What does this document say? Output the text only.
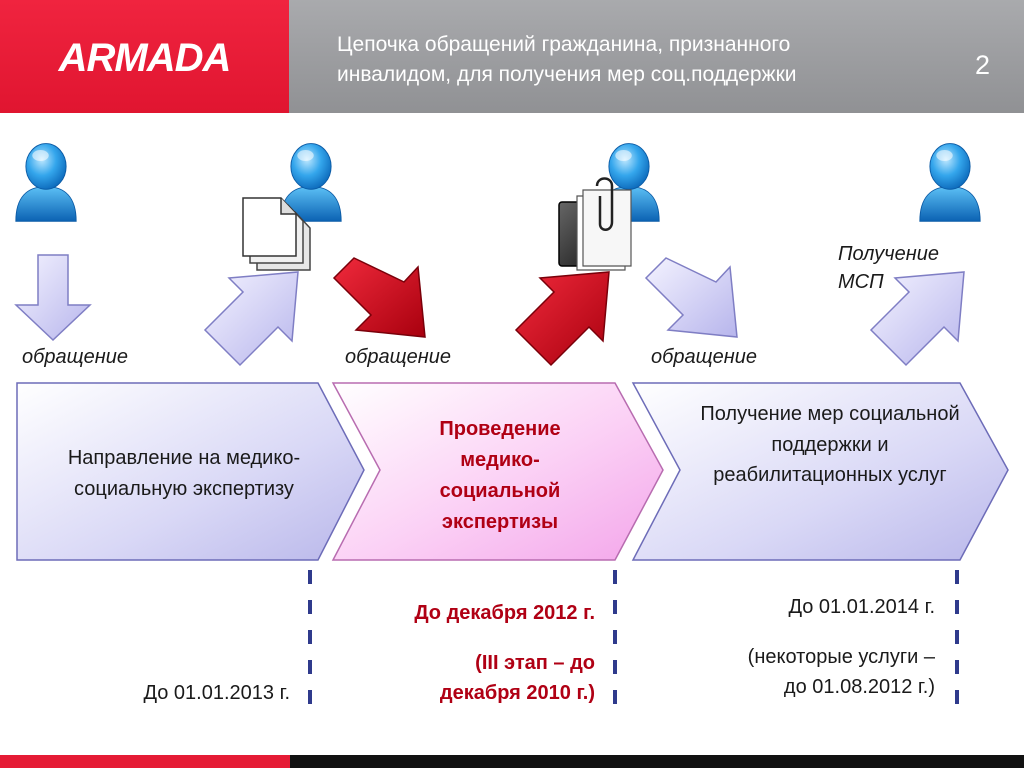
ARMADA	Цепочка обращений гражданина, признанного
инвалидом, для получения мер соц.поддержки	2
обращение	обращение	обращение
Получение
МСП
Направление на медико-социальную экспертизу
Проведение медико-социальной экспертизы
Получение мер социальной поддержки и реабилитационных услуг
До 01.01.2013 г.
До декабря 2012 г.
(III этап – до
декабря 2010 г.)
До 01.01.2014 г.
(некоторые услуги –
до 01.08.2012 г.)
